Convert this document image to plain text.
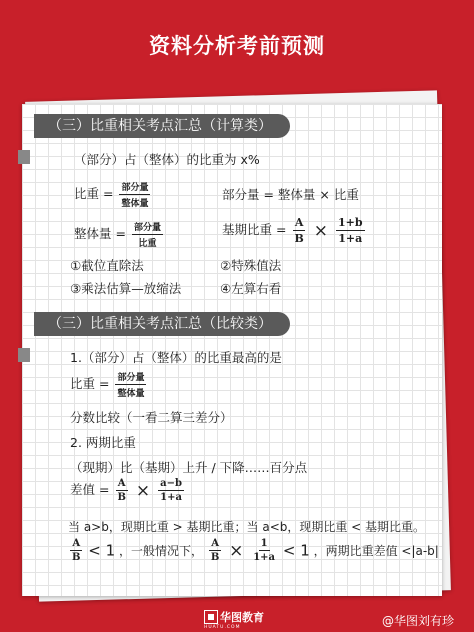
资料分析考前预测
（三）比重相关考点汇总（计算类）
（部分）占（整体）的比重为 x%
比重 = $\frac{\text{部分量}}{\text{整体量}}$	部分量 = 整体量 × 比重
整体量 = $\frac{\text{部分量}}{\text{比重}}$	基期比重 = $\frac{A}{B} \times \frac{1+b}{1+a}$
①截位直除法	②特殊值法
③乘法估算—放缩法	④左算右看
（三）比重相关考点汇总（比较类）
1.（部分）占（整体）的比重最高的是
比重 = $\frac{\text{部分量}}{\text{整体量}}$
分数比较（一看二算三差分）
2. 两期比重
（现期）比（基期）上升 / 下降……百分点
差值 = $\frac{A}{B} \times \frac{a-b}{1+a}$
当 a>b，现期比重 > 基期比重；当 a<b，现期比重 < 基期比重。
$\frac{A}{B} < 1$ ，一般情况下， $\frac{A}{B} \times \frac{1}{1+a} < 1$ ，两期比重差值 <|a-b|
华图教育
HUATU.COM	@华图刘有珍
